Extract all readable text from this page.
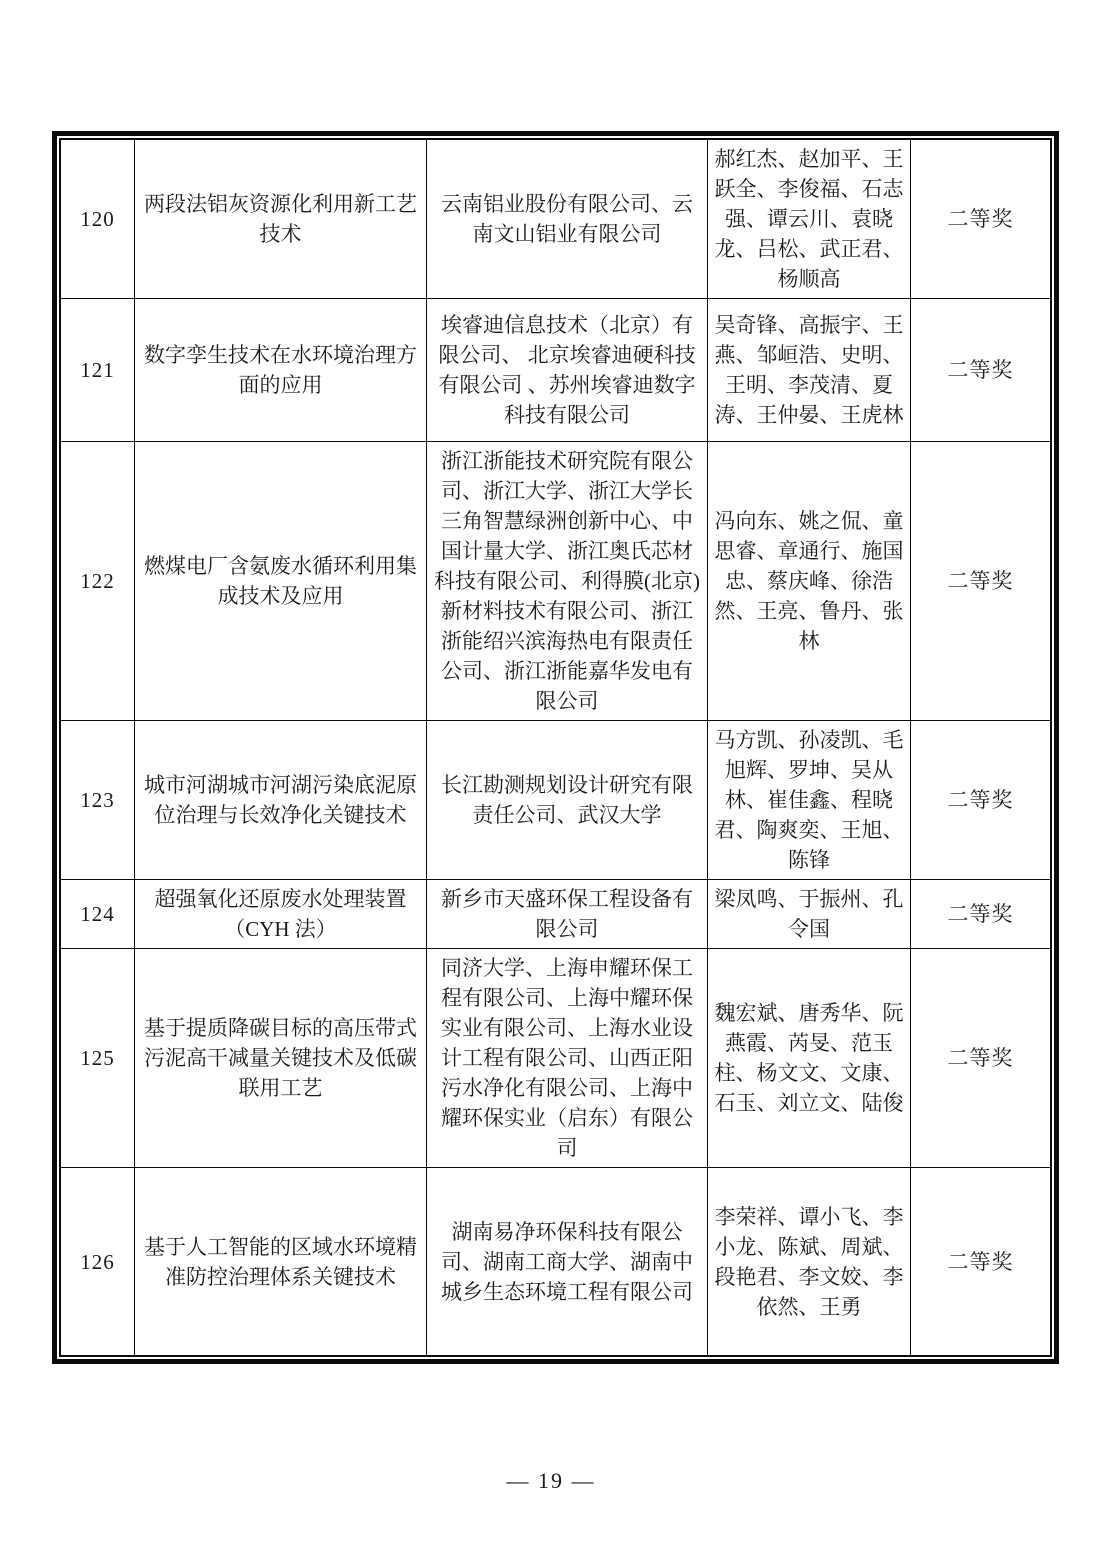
120	两段法铝灰资源化利用新工艺技术	云南铝业股份有限公司、云南文山铝业有限公司	郝红杰、赵加平、王跃全、李俊福、石志强、谭云川、袁晓龙、吕松、武正君、杨顺高	二等奖
121	数字孪生技术在水环境治理方面的应用	埃睿迪信息技术（北京）有限公司、 北京埃睿迪硬科技有限公司 、苏州埃睿迪数字科技有限公司	吴奇锋、高振宇、王燕、邹峘浩、史明、王明、李茂清、夏涛、王仲晏、王虎林	二等奖
122	燃煤电厂含氨废水循环利用集成技术及应用	浙江浙能技术研究院有限公司、浙江大学、浙江大学长三角智慧绿洲创新中心、中国计量大学、浙江奥氏芯材科技有限公司、利得膜(北京)新材料技术有限公司、浙江浙能绍兴滨海热电有限责任公司、浙江浙能嘉华发电有限公司	冯向东、姚之侃、童思睿、章通行、施国忠、蔡庆峰、徐浩然、王亮、鲁丹、张林	二等奖
123	城市河湖城市河湖污染底泥原位治理与长效净化关键技术	长江勘测规划设计研究有限责任公司、武汉大学	马方凯、孙凌凯、毛旭辉、罗坤、吴从林、崔佳鑫、程晓君、陶爽奕、王旭、陈锋	二等奖
124	超强氧化还原废水处理装置（CYH 法）	新乡市天盛环保工程设备有限公司	梁凤鸣、于振州、孔令国	二等奖
125	基于提质降碳目标的高压带式污泥高干减量关键技术及低碳联用工艺	同济大学、上海申耀环保工程有限公司、上海中耀环保实业有限公司、上海水业设计工程有限公司、山西正阳污水净化有限公司、上海中耀环保实业（启东）有限公司	魏宏斌、唐秀华、阮燕霞、芮旻、范玉柱、杨文文、文康、石玉、刘立文、陆俊	二等奖
126	基于人工智能的区域水环境精准防控治理体系关键技术	湖南易净环保科技有限公司、湖南工商大学、湖南中城乡生态环境工程有限公司	李荣祥、谭小飞、李小龙、陈斌、周斌、段艳君、李文姣、李依然、王勇	二等奖
— 19 —
